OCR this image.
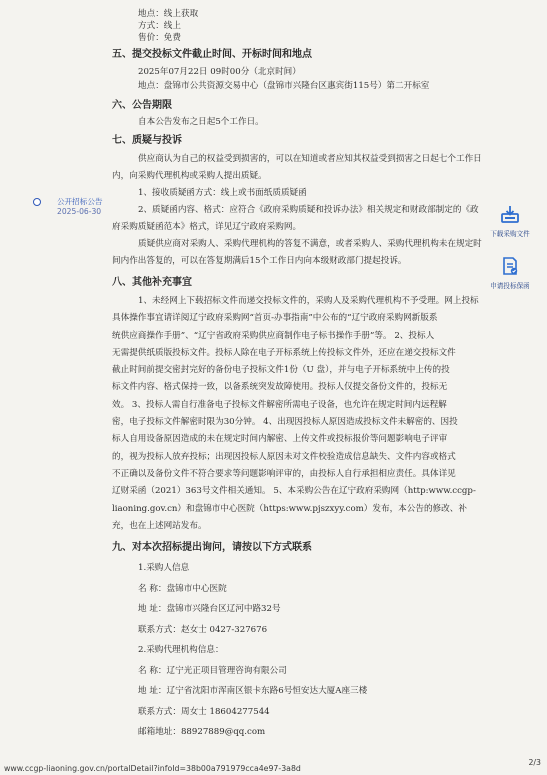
地点：线上获取
方式：线上
售价：免费
五、提交投标文件截止时间、开标时间和地点
2025年07月22日 09时00分（北京时间）
地点：盘锦市公共资源交易中心（盘锦市兴隆台区惠宾街115号）第二开标室
六、公告期限
自本公告发布之日起5个工作日。
七、质疑与投诉
供应商认为自己的权益受到损害的，可以在知道或者应知其权益受到损害之日起七个工作日
内，向采购代理机构或采购人提出质疑。
1、接收质疑函方式：线上或书面纸质质疑函
2、质疑函内容、格式：应符合《政府采购质疑和投诉办法》相关规定和财政部制定的《政
府采购质疑函范本》格式，详见辽宁政府采购网。
质疑供应商对采购人、采购代理机构的答复不满意，或者采购人、采购代理机构未在规定时
间内作出答复的，可以在答复期满后15个工作日内向本级财政部门提起投诉。
八、其他补充事宜
1、未经网上下载招标文件而递交投标文件的，采购人及采购代理机构不予受理。网上投标
具体操作事宜请详阅辽宁政府采购网“首页-办事指南”中公布的“辽宁政府采购网新版系
统供应商操作手册”、“辽宁省政府采购供应商制作电子标书操作手册”等。 2、投标人
无需提供纸质版投标文件。投标人除在电子开标系统上传投标文件外，还应在递交投标文件
截止时间前提交密封完好的备份电子投标文件1份（U 盘），并与电子开标系统中上传的投
标文件内容、格式保持一致，以备系统突发故障使用。投标人仅提交备份文件的，投标无
效。 3、投标人需自行准备电子投标文件解密所需电子设备，也允许在规定时间内远程解
密，电子投标文件解密时限为30分钟。 4、出现因投标人原因造成投标文件未解密的、因投
标人自用设备原因造成的未在规定时间内解密、上传文件或投标报价等问题影响电子评审
的，视为投标人放弃投标；出现因投标人原因未对文件校验造成信息缺失、文件内容或格式
不正确以及备份文件不符合要求等问题影响评审的，由投标人自行承担相应责任。具体详见
辽财采函（2021）363号文件相关通知。 5、本采购公告在辽宁政府采购网（http:www.ccgp-
liaoning.gov.cn）和盘锦市中心医院（https:www.pjszxyy.com）发布，本公告的修改、补
充，也在上述网站发布。
九、对本次招标提出询问，请按以下方式联系
1.采购人信息
名 称：盘锦市中心医院
地 址：盘锦市兴隆台区辽河中路32号
联系方式：赵女士 0427-327676
2.采购代理机构信息：
名 称：辽宁光正项目管理咨询有限公司
地 址：辽宁省沈阳市浑南区银卡东路6号恒安达大厦A座三楼
联系方式：周女士 18604277544
邮箱地址：88927889@qq.com
公开招标公告
2025-06-30
下载采购文件
申请投标保函
www.ccgp-liaoning.gov.cn/portalDetail?infoId=38b00a791979cca4e97-3a8d
2/3
